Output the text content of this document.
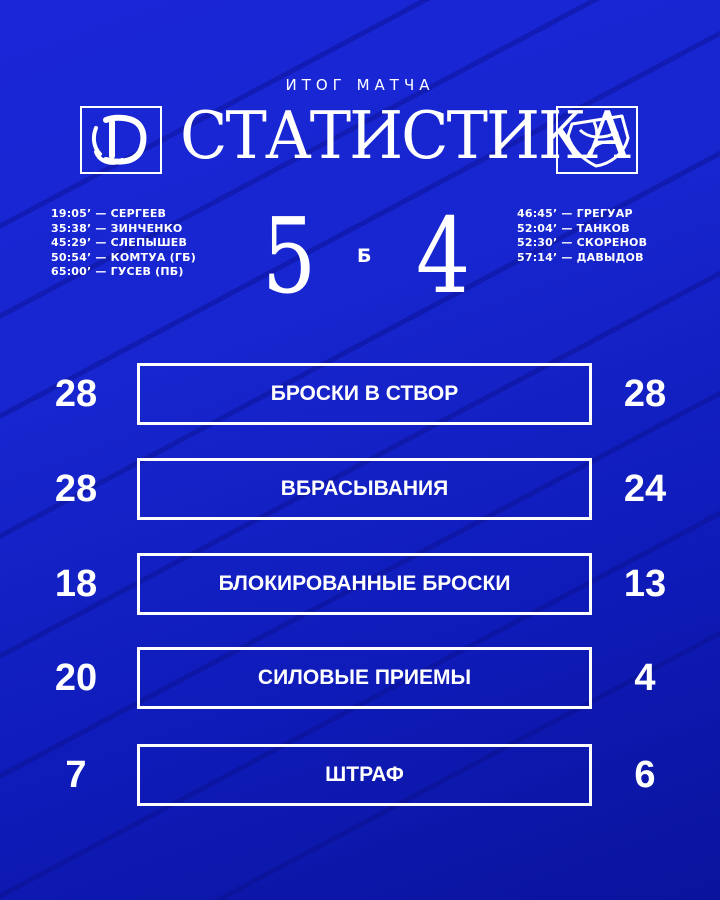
ИТОГ МАТЧА
СТАТИСТИКА
19:05’ — СЕРГЕЕВ
35:38’ — ЗИНЧЕНКО
45:29’ — СЛЕПЫШЕВ
50:54’ — КОМТУА (ГБ)
65:00’ — ГУСЕВ (ПБ)
46:45’ — ГРЕГУАР
52:04’ — ТАНКОВ
52:30’ — СКОРЕНОВ
57:14’ — ДАВЫДОВ
5 Б 4
28	БРОСКИ В СТВОР	28
28	ВБРАСЫВАНИЯ	24
18	БЛОКИРОВАННЫЕ БРОСКИ	13
20	СИЛОВЫЕ ПРИЕМЫ	4
7	ШТРАФ	6
